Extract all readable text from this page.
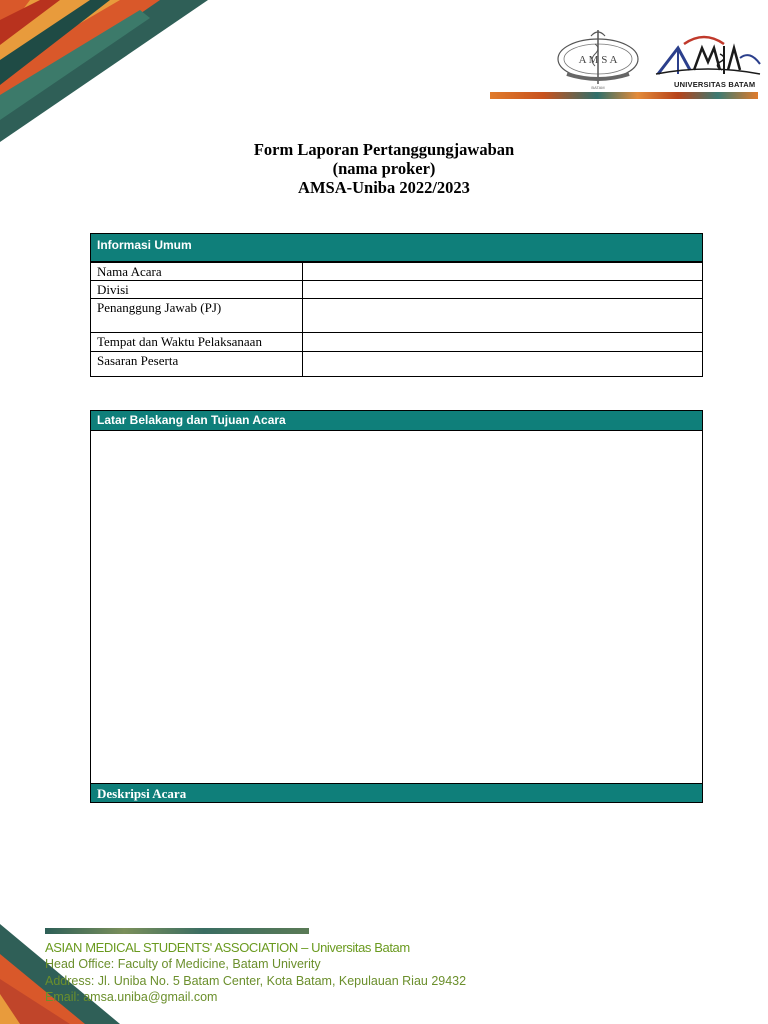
A M S A
BATAM	UNIVERSITAS BATAM
Form Laporan Pertanggungjawaban
(nama proker)
AMSA-Uniba 2022/2023
Informasi Umum
Nama Acara
Divisi
Penanggung Jawab (PJ)
Tempat dan Waktu Pelaksanaan
Sasaran Peserta
Latar Belakang dan Tujuan Acara
Deskripsi Acara
ASIAN MEDICAL STUDENTS' ASSOCIATION – Universitas Batam
Head Office: Faculty of Medicine, Batam Univerity
Address: Jl. Uniba No. 5 Batam Center, Kota Batam, Kepulauan Riau 29432
Email: amsa.uniba@gmail.com
